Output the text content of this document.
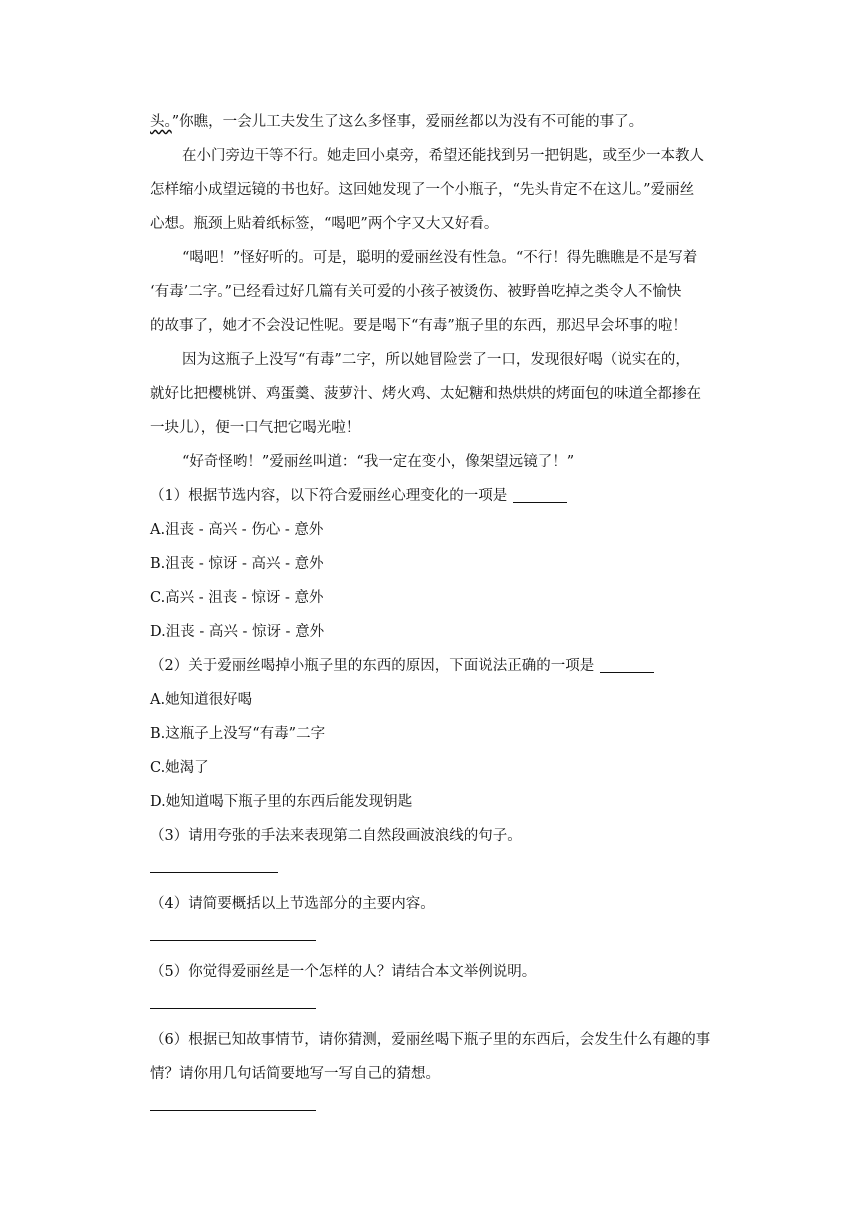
头。”你瞧，一会儿工夫发生了这么多怪事，爱丽丝都以为没有不可能的事了。
在小门旁边干等不行。她走回小桌旁，希望还能找到另一把钥匙，或至少一本教人
怎样缩小成望远镜的书也好。这回她发现了一个小瓶子，“先头肯定不在这儿。”爱丽丝
心想。瓶颈上贴着纸标签，“喝吧”两个字又大又好看。
“喝吧！”怪好听的。可是，聪明的爱丽丝没有性急。“不行！得先瞧瞧是不是写着
‘有毒’二字。”已经看过好几篇有关可爱的小孩子被烫伤、被野兽吃掉之类令人不愉快
的故事了，她才不会没记性呢。要是喝下“有毒”瓶子里的东西，那迟早会坏事的啦！
因为这瓶子上没写“有毒”二字，所以她冒险尝了一口，发现很好喝（说实在的，
就好比把樱桃饼、鸡蛋羹、菠萝汁、烤火鸡、太妃糖和热烘烘的烤面包的味道全都掺在
一块儿），便一口气把它喝光啦！
“好奇怪哟！”爱丽丝叫道：“我一定在变小，像架望远镜了！”
（1）根据节选内容，以下符合爱丽丝心理变化的一项是
A.沮丧 - 高兴 - 伤心 - 意外
B.沮丧 - 惊讶 - 高兴 - 意外
C.高兴 - 沮丧 - 惊讶 - 意外
D.沮丧 - 高兴 - 惊讶 - 意外
（2）关于爱丽丝喝掉小瓶子里的东西的原因，下面说法正确的一项是
A.她知道很好喝
B.这瓶子上没写“有毒”二字
C.她渴了
D.她知道喝下瓶子里的东西后能发现钥匙
（3）请用夸张的手法来表现第二自然段画波浪线的句子。
（4）请简要概括以上节选部分的主要内容。
（5）你觉得爱丽丝是一个怎样的人？请结合本文举例说明。
（6）根据已知故事情节，请你猜测，爱丽丝喝下瓶子里的东西后，会发生什么有趣的事
情？请你用几句话简要地写一写自己的猜想。
